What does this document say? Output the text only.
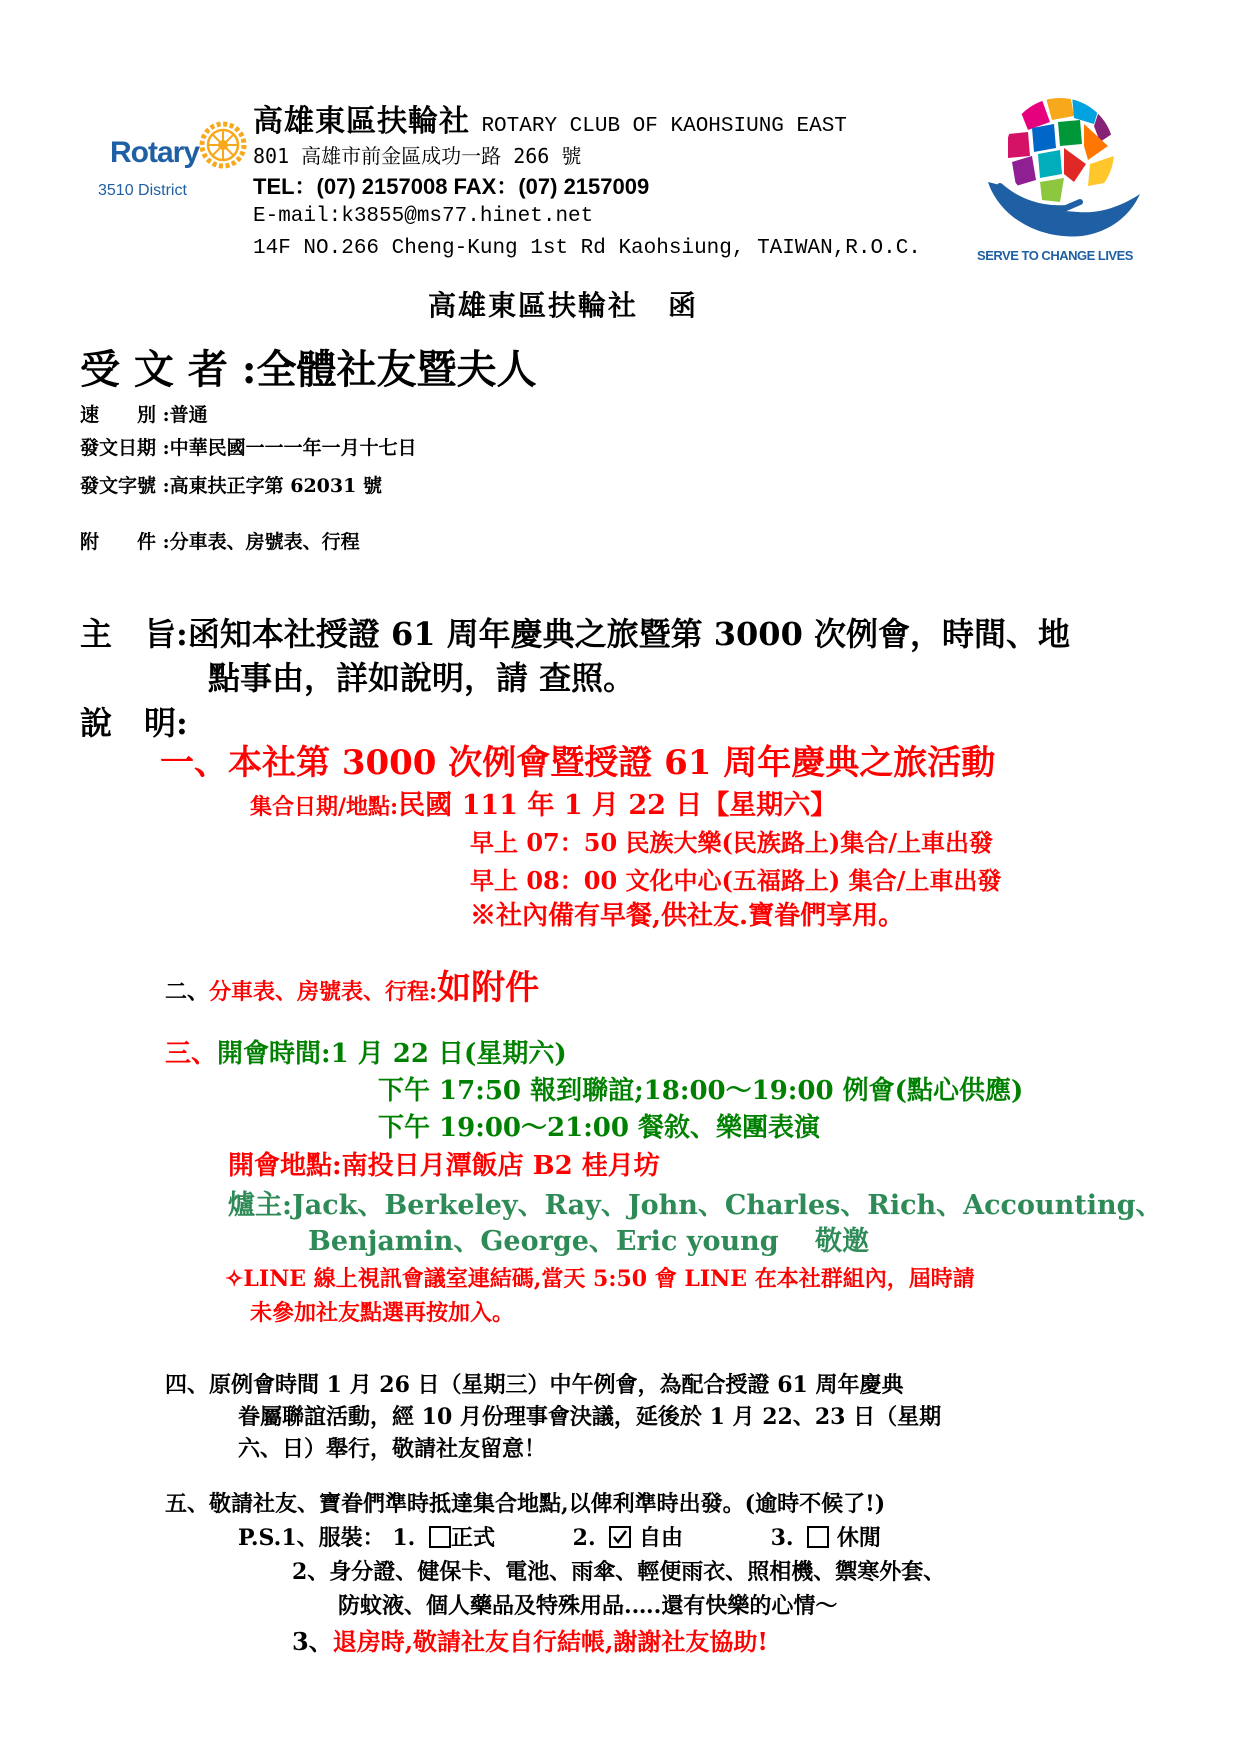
Rotary
3510 District
高雄東區扶輪社 ROTARY CLUB OF KAOHSIUNG EAST
801 高雄市前金區成功一路 266 號
TEL：(07) 2157008 FAX：(07) 2157009
E-mail:k3855@ms77.hinet.net
14F NO.266 Cheng-Kung 1st Rd Kaohsiung, TAIWAN,R.O.C.	SERVE TO CHANGE LIVES
高雄東區扶輪社　函
受 文 者 :全體社友暨夫人
速　　別 :普通
發文日期 :中華民國一一一年一月十七日
發文字號 :高東扶正字第 62031 號
附　　件 :分車表、房號表、行程
主　旨:函知本社授證 61 周年慶典之旅暨第 3000 次例會，時間、地
點事由，詳如說明，請 查照。
說　明:
一、本社第 3000 次例會暨授證 61 周年慶典之旅活動
集合日期/地點:民國 111 年 1 月 22 日【星期六】
早上 07：50 民族大樂(民族路上)集合/上車出發
早上 08：00 文化中心(五福路上) 集合/上車出發
※社內備有早餐,供社友.寶眷們享用。
二、分車表、房號表、行程:如附件
三、開會時間:1 月 22 日(星期六)
下午 17:50 報到聯誼;18:00～19:00 例會(點心供應)
下午 19:00～21:00 餐敘、樂團表演
開會地點:南投日月潭飯店 B2 桂月坊
爐主:Jack、Berkeley、Ray、John、Charles、Rich、Accounting、
Benjamin、George、Eric young　 敬邀
✧LINE 線上視訊會議室連結碼,當天 5:50 會 LINE 在本社群組內，屆時請
未參加社友點選再按加入。
四、原例會時間 1 月 26 日（星期三）中午例會，為配合授證 61 周年慶典
眷屬聯誼活動，經 10 月份理事會決議，延後於 1 月 22、23 日（星期
六、日）舉行，敬請社友留意！
五、敬請社友、寶眷們準時抵達集合地點,以俾利準時出發。(逾時不候了!)
P.S.1、服裝： 1. 正式	2.
自由	3.  休閒
2、身分證、健保卡、電池、雨傘、輕便雨衣、照相機、禦寒外套、
防蚊液、個人藥品及特殊用品.….還有快樂的心情～
3、退房時,敬請社友自行結帳,謝謝社友協助!
